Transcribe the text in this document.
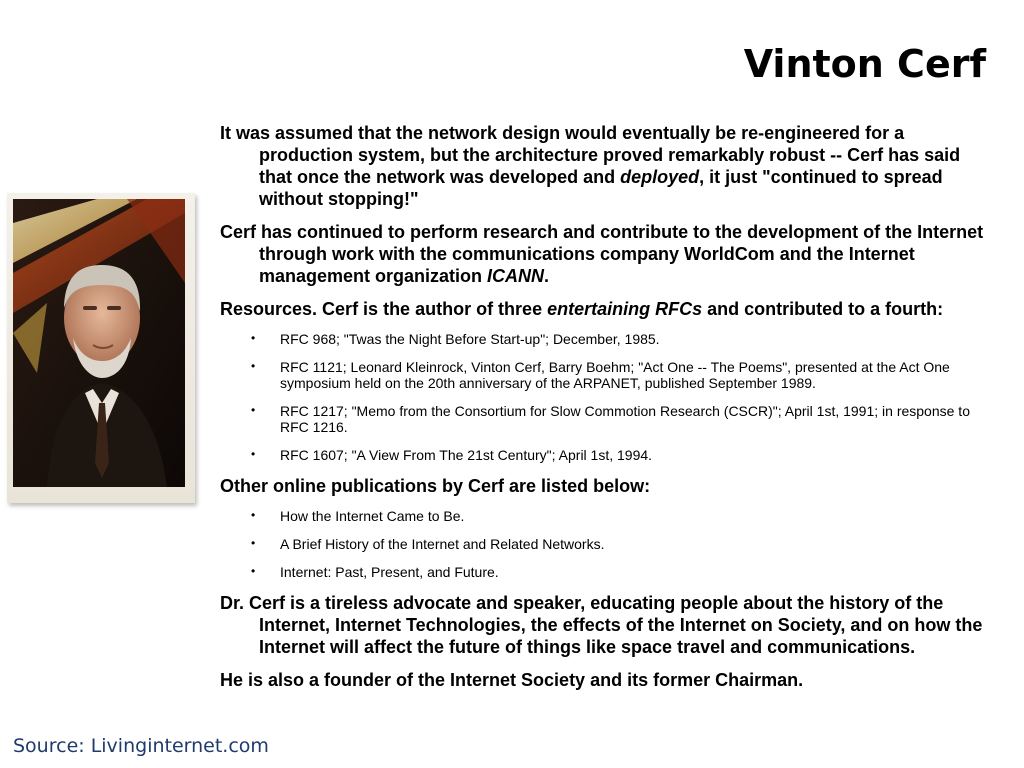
Vinton Cerf

It was assumed that the network design would eventually be re-engineered for a production system, but the architecture proved remarkably robust -- Cerf has said that once the network was developed and deployed, it just "continued to spread without stopping!"

Cerf has continued to perform research and contribute to the development of the Internet through work with the communications company WorldCom and the Internet management organization ICANN.

Resources. Cerf is the author of three entertaining RFCs and contributed to a fourth:

• RFC 968; "Twas the Night Before Start-up"; December, 1985.
• RFC 1121; Leonard Kleinrock, Vinton Cerf, Barry Boehm; "Act One -- The Poems", presented at the Act One symposium held on the 20th anniversary of the ARPANET, published September 1989.
• RFC 1217; "Memo from the Consortium for Slow Commotion Research (CSCR)"; April 1st, 1991; in response to RFC 1216.
• RFC 1607; "A View From The 21st Century"; April 1st, 1994.

Other online publications by Cerf are listed below:

• How the Internet Came to Be.
• A Brief History of the Internet and Related Networks.
• Internet: Past, Present, and Future.

Dr. Cerf is a tireless advocate and speaker, educating people about the history of the Internet, Internet Technologies, the effects of the Internet on Society, and on how the Internet will affect the future of things like space travel and communications.

He is also a founder of the Internet Society and its former Chairman.

Source: Livinginternet.com
